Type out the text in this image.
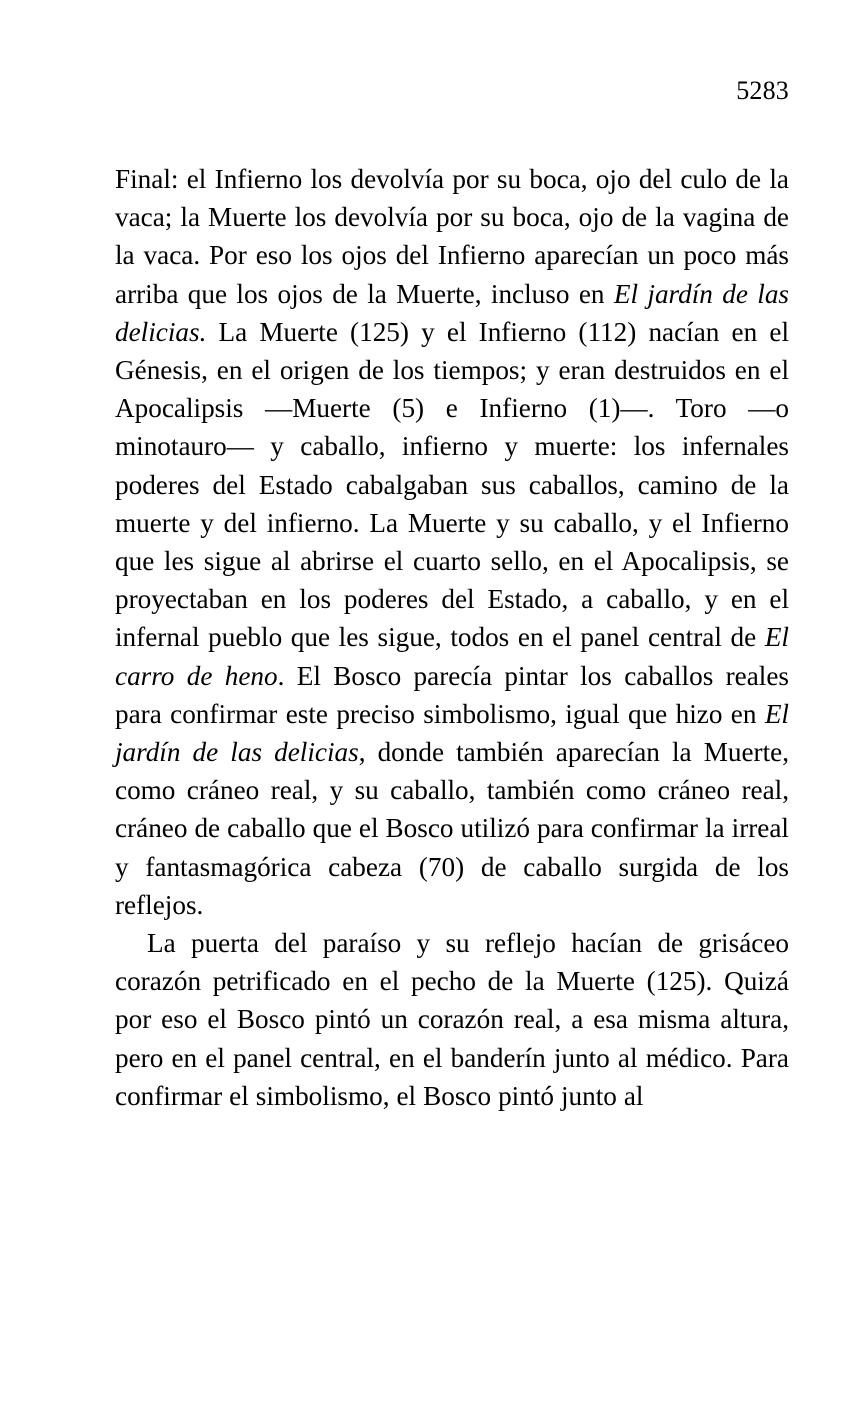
5283

Final: el Infierno los devolvía por su boca, ojo del culo de la vaca; la Muerte los devolvía por su boca, ojo de la vagina de la vaca. Por eso los ojos del Infierno aparecían un poco más arriba que los ojos de la Muerte, incluso en El jardín de las delicias. La Muerte (125) y el Infierno (112) nacían en el Génesis, en el origen de los tiempos; y eran destruidos en el Apocalipsis —Muerte (5) e Infierno (1)—. Toro —o minotauro— y caballo, infierno y muerte: los infernales poderes del Estado cabalgaban sus caballos, camino de la muerte y del infierno. La Muerte y su caballo, y el Infierno que les sigue al abrirse el cuarto sello, en el Apocalipsis, se proyectaban en los poderes del Estado, a caballo, y en el infernal pueblo que les sigue, todos en el panel central de El carro de heno. El Bosco parecía pintar los caballos reales para confirmar este preciso simbolismo, igual que hizo en El jardín de las delicias, donde también aparecían la Muerte, como cráneo real, y su caballo, también como cráneo real, cráneo de caballo que el Bosco utilizó para confirmar la irreal y fantasmagórica cabeza (70) de caballo surgida de los reflejos.

La puerta del paraíso y su reflejo hacían de grisáceo corazón petrificado en el pecho de la Muerte (125). Quizá por eso el Bosco pintó un corazón real, a esa misma altura, pero en el panel central, en el banderín junto al médico. Para confirmar el simbolismo, el Bosco pintó junto al
